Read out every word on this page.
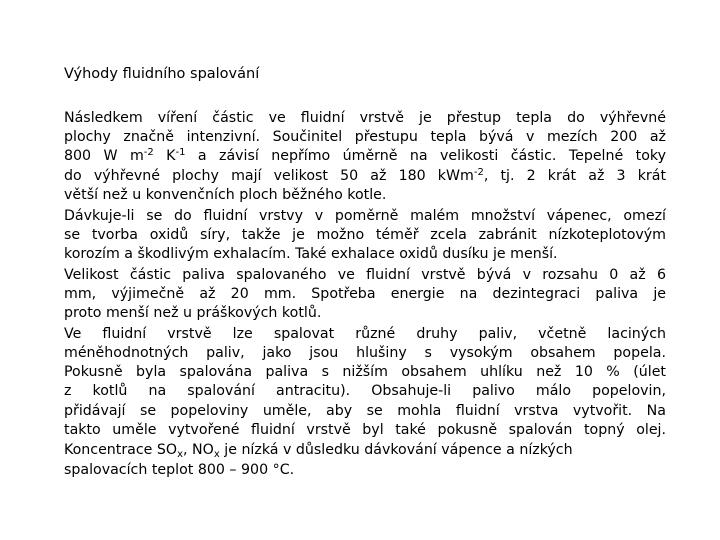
Výhody fluidního spalování
Následkem víření částic ve fluidní vrstvě je přestup tepla do výhřevné
plochy značně intenzivní. Součinitel přestupu tepla bývá v mezích 200 až
800 W $m^{-2}$ $K^{-1}$ a závisí nepřímo úměrně na velikosti částic. Tepelné toky
do výhřevné plochy mají velikost 50 až 180 kWm$^{-2}$, tj. 2 krát až 3 krát
větší než u konvenčních ploch běžného kotle.
Dávkuje-li se do fluidní vrstvy v poměrně malém množství vápenec, omezí
se tvorba oxidů síry, takže je možno téměř zcela zabránit nízkoteplotovým
korozím a škodlivým exhalacím. Také exhalace oxidů dusíku je menší.
Velikost částic paliva spalovaného ve fluidní vrstvě bývá v rozsahu 0 až 6
mm, výjimečně až 20 mm. Spotřeba energie na dezintegraci paliva je
proto menší než u práškových kotlů.
Ve fluidní vrstvě lze spalovat různé druhy paliv, včetně laciných
méněhodnotných paliv, jako jsou hlušiny s vysokým obsahem popela.
Pokusně byla spalována paliva s nižším obsahem uhlíku než 10 % (úlet
z kotlů na spalování antracitu). Obsahuje-li palivo málo popelovin,
přidávají se popeloviny uměle, aby se mohla fluidní vrstva vytvořit. Na
takto uměle vytvořené fluidní vrstvě byl také pokusně spalován topný olej.
Koncentrace $SO_x$, $NO_x$ je nízká v důsledku dávkování vápence a nízkých
spalovacích teplot 800 – 900 °C.
